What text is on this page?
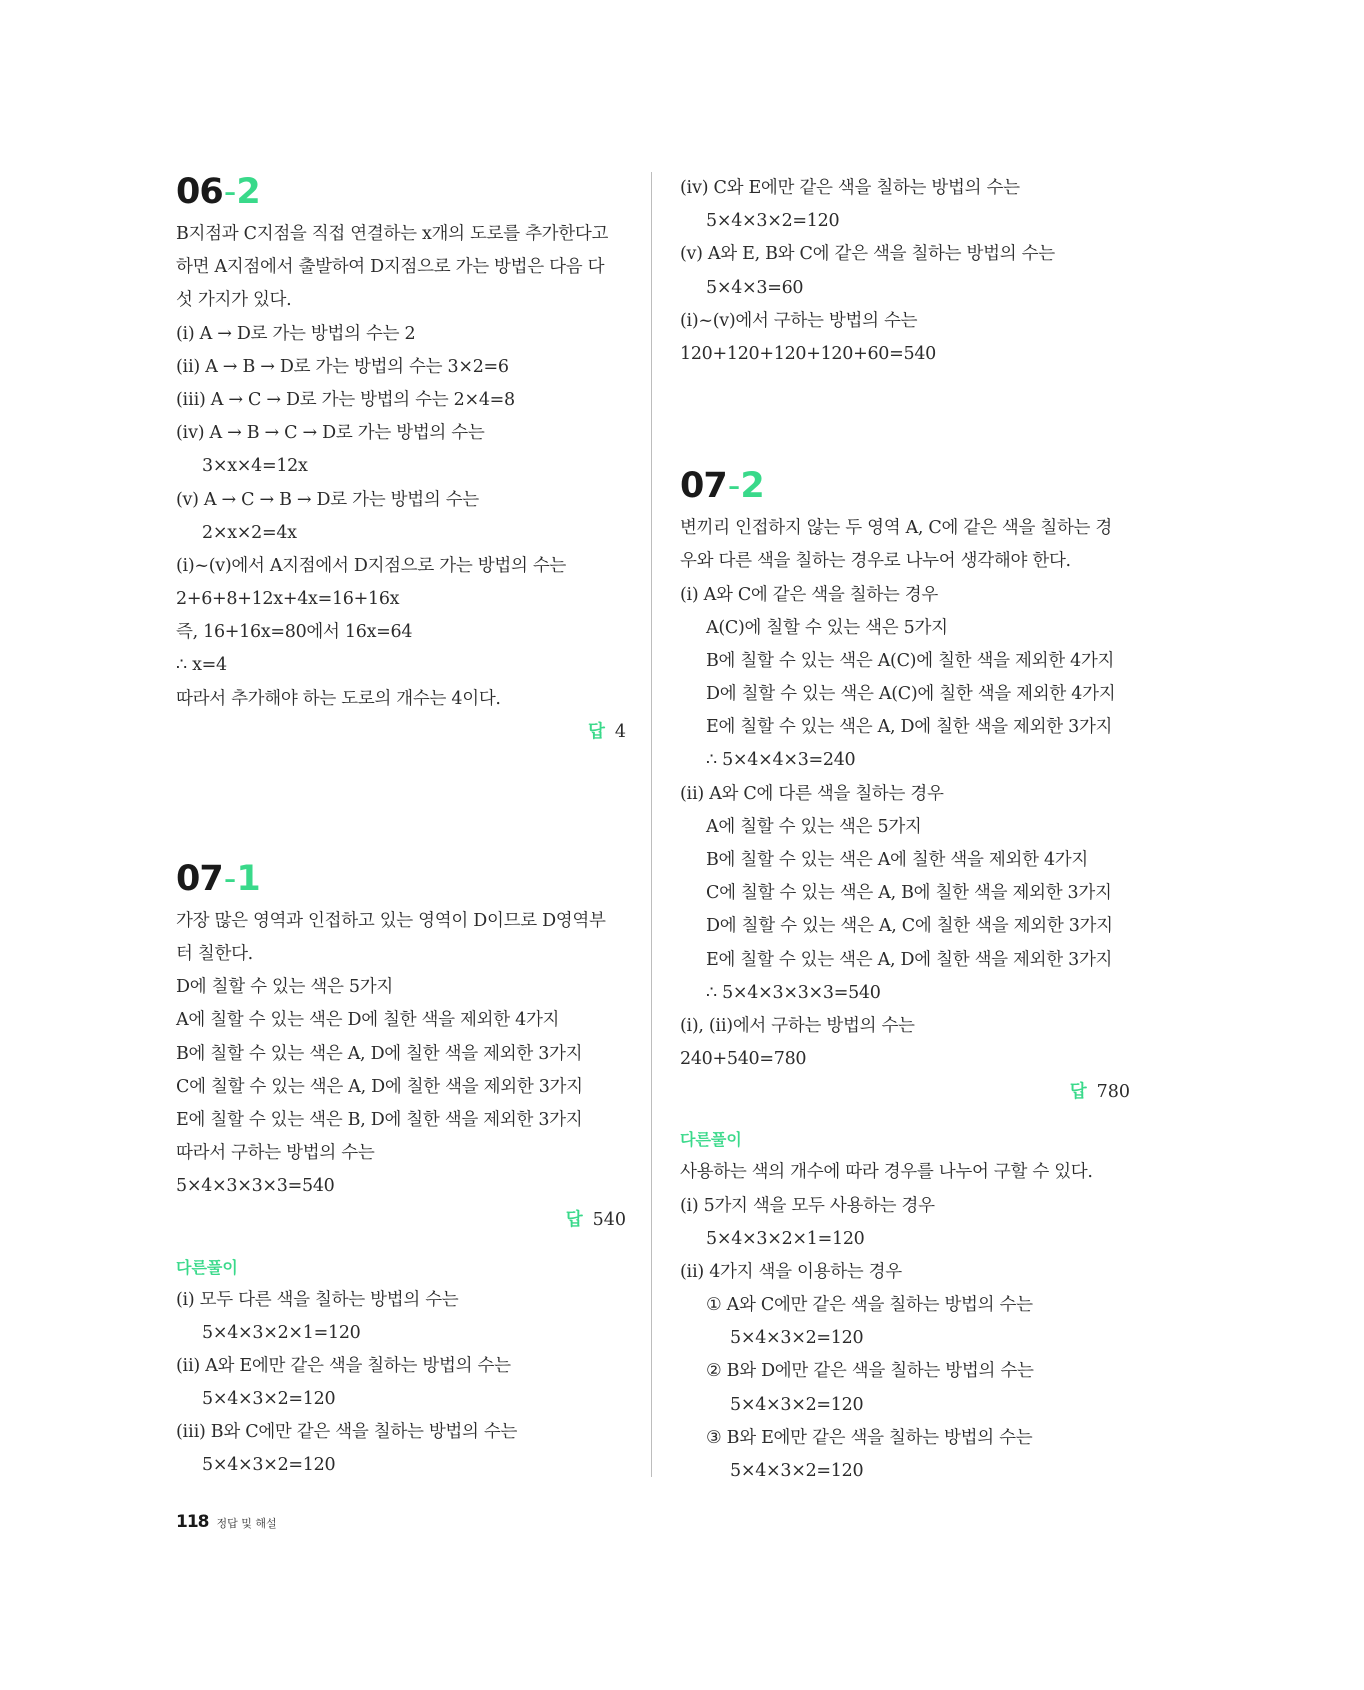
06-2
B지점과 C지점을 직접 연결하는 x개의 도로를 추가한다고
하면 A지점에서 출발하여 D지점으로 가는 방법은 다음 다
섯 가지가 있다.
(ⅰ) A → D로 가는 방법의 수는 2
(ⅱ) A → B → D로 가는 방법의 수는 3×2=6
(ⅲ) A → C → D로 가는 방법의 수는 2×4=8
(ⅳ) A → B → C → D로 가는 방법의 수는
3×x×4=12x
(ⅴ) A → C → B → D로 가는 방법의 수는
2×x×2=4x
(ⅰ)~(ⅴ)에서 A지점에서 D지점으로 가는 방법의 수는
2+6+8+12x+4x=16+16x
즉, 16+16x=80에서 16x=64
∴ x=4
따라서 추가해야 하는 도로의 개수는 4이다.
답 4
07-1
가장 많은 영역과 인접하고 있는 영역이 D이므로 D영역부
터 칠한다.
D에 칠할 수 있는 색은 5가지
A에 칠할 수 있는 색은 D에 칠한 색을 제외한 4가지
B에 칠할 수 있는 색은 A, D에 칠한 색을 제외한 3가지
C에 칠할 수 있는 색은 A, D에 칠한 색을 제외한 3가지
E에 칠할 수 있는 색은 B, D에 칠한 색을 제외한 3가지
따라서 구하는 방법의 수는
5×4×3×3×3=540
답 540
다른풀이
(ⅰ) 모두 다른 색을 칠하는 방법의 수는
5×4×3×2×1=120
(ⅱ) A와 E에만 같은 색을 칠하는 방법의 수는
5×4×3×2=120
(ⅲ) B와 C에만 같은 색을 칠하는 방법의 수는
5×4×3×2=120
(ⅳ) C와 E에만 같은 색을 칠하는 방법의 수는
5×4×3×2=120
(ⅴ) A와 E, B와 C에 같은 색을 칠하는 방법의 수는
5×4×3=60
(ⅰ)~(ⅴ)에서 구하는 방법의 수는
120+120+120+120+60=540
07-2
변끼리 인접하지 않는 두 영역 A, C에 같은 색을 칠하는 경
우와 다른 색을 칠하는 경우로 나누어 생각해야 한다.
(ⅰ) A와 C에 같은 색을 칠하는 경우
A(C)에 칠할 수 있는 색은 5가지
B에 칠할 수 있는 색은 A(C)에 칠한 색을 제외한 4가지
D에 칠할 수 있는 색은 A(C)에 칠한 색을 제외한 4가지
E에 칠할 수 있는 색은 A, D에 칠한 색을 제외한 3가지
∴ 5×4×4×3=240
(ⅱ) A와 C에 다른 색을 칠하는 경우
A에 칠할 수 있는 색은 5가지
B에 칠할 수 있는 색은 A에 칠한 색을 제외한 4가지
C에 칠할 수 있는 색은 A, B에 칠한 색을 제외한 3가지
D에 칠할 수 있는 색은 A, C에 칠한 색을 제외한 3가지
E에 칠할 수 있는 색은 A, D에 칠한 색을 제외한 3가지
∴ 5×4×3×3×3=540
(ⅰ), (ⅱ)에서 구하는 방법의 수는
240+540=780
답 780
다른풀이
사용하는 색의 개수에 따라 경우를 나누어 구할 수 있다.
(ⅰ) 5가지 색을 모두 사용하는 경우
5×4×3×2×1=120
(ⅱ) 4가지 색을 이용하는 경우
① A와 C에만 같은 색을 칠하는 방법의 수는
5×4×3×2=120
② B와 D에만 같은 색을 칠하는 방법의 수는
5×4×3×2=120
③ B와 E에만 같은 색을 칠하는 방법의 수는
5×4×3×2=120
118 정답 및 해설
